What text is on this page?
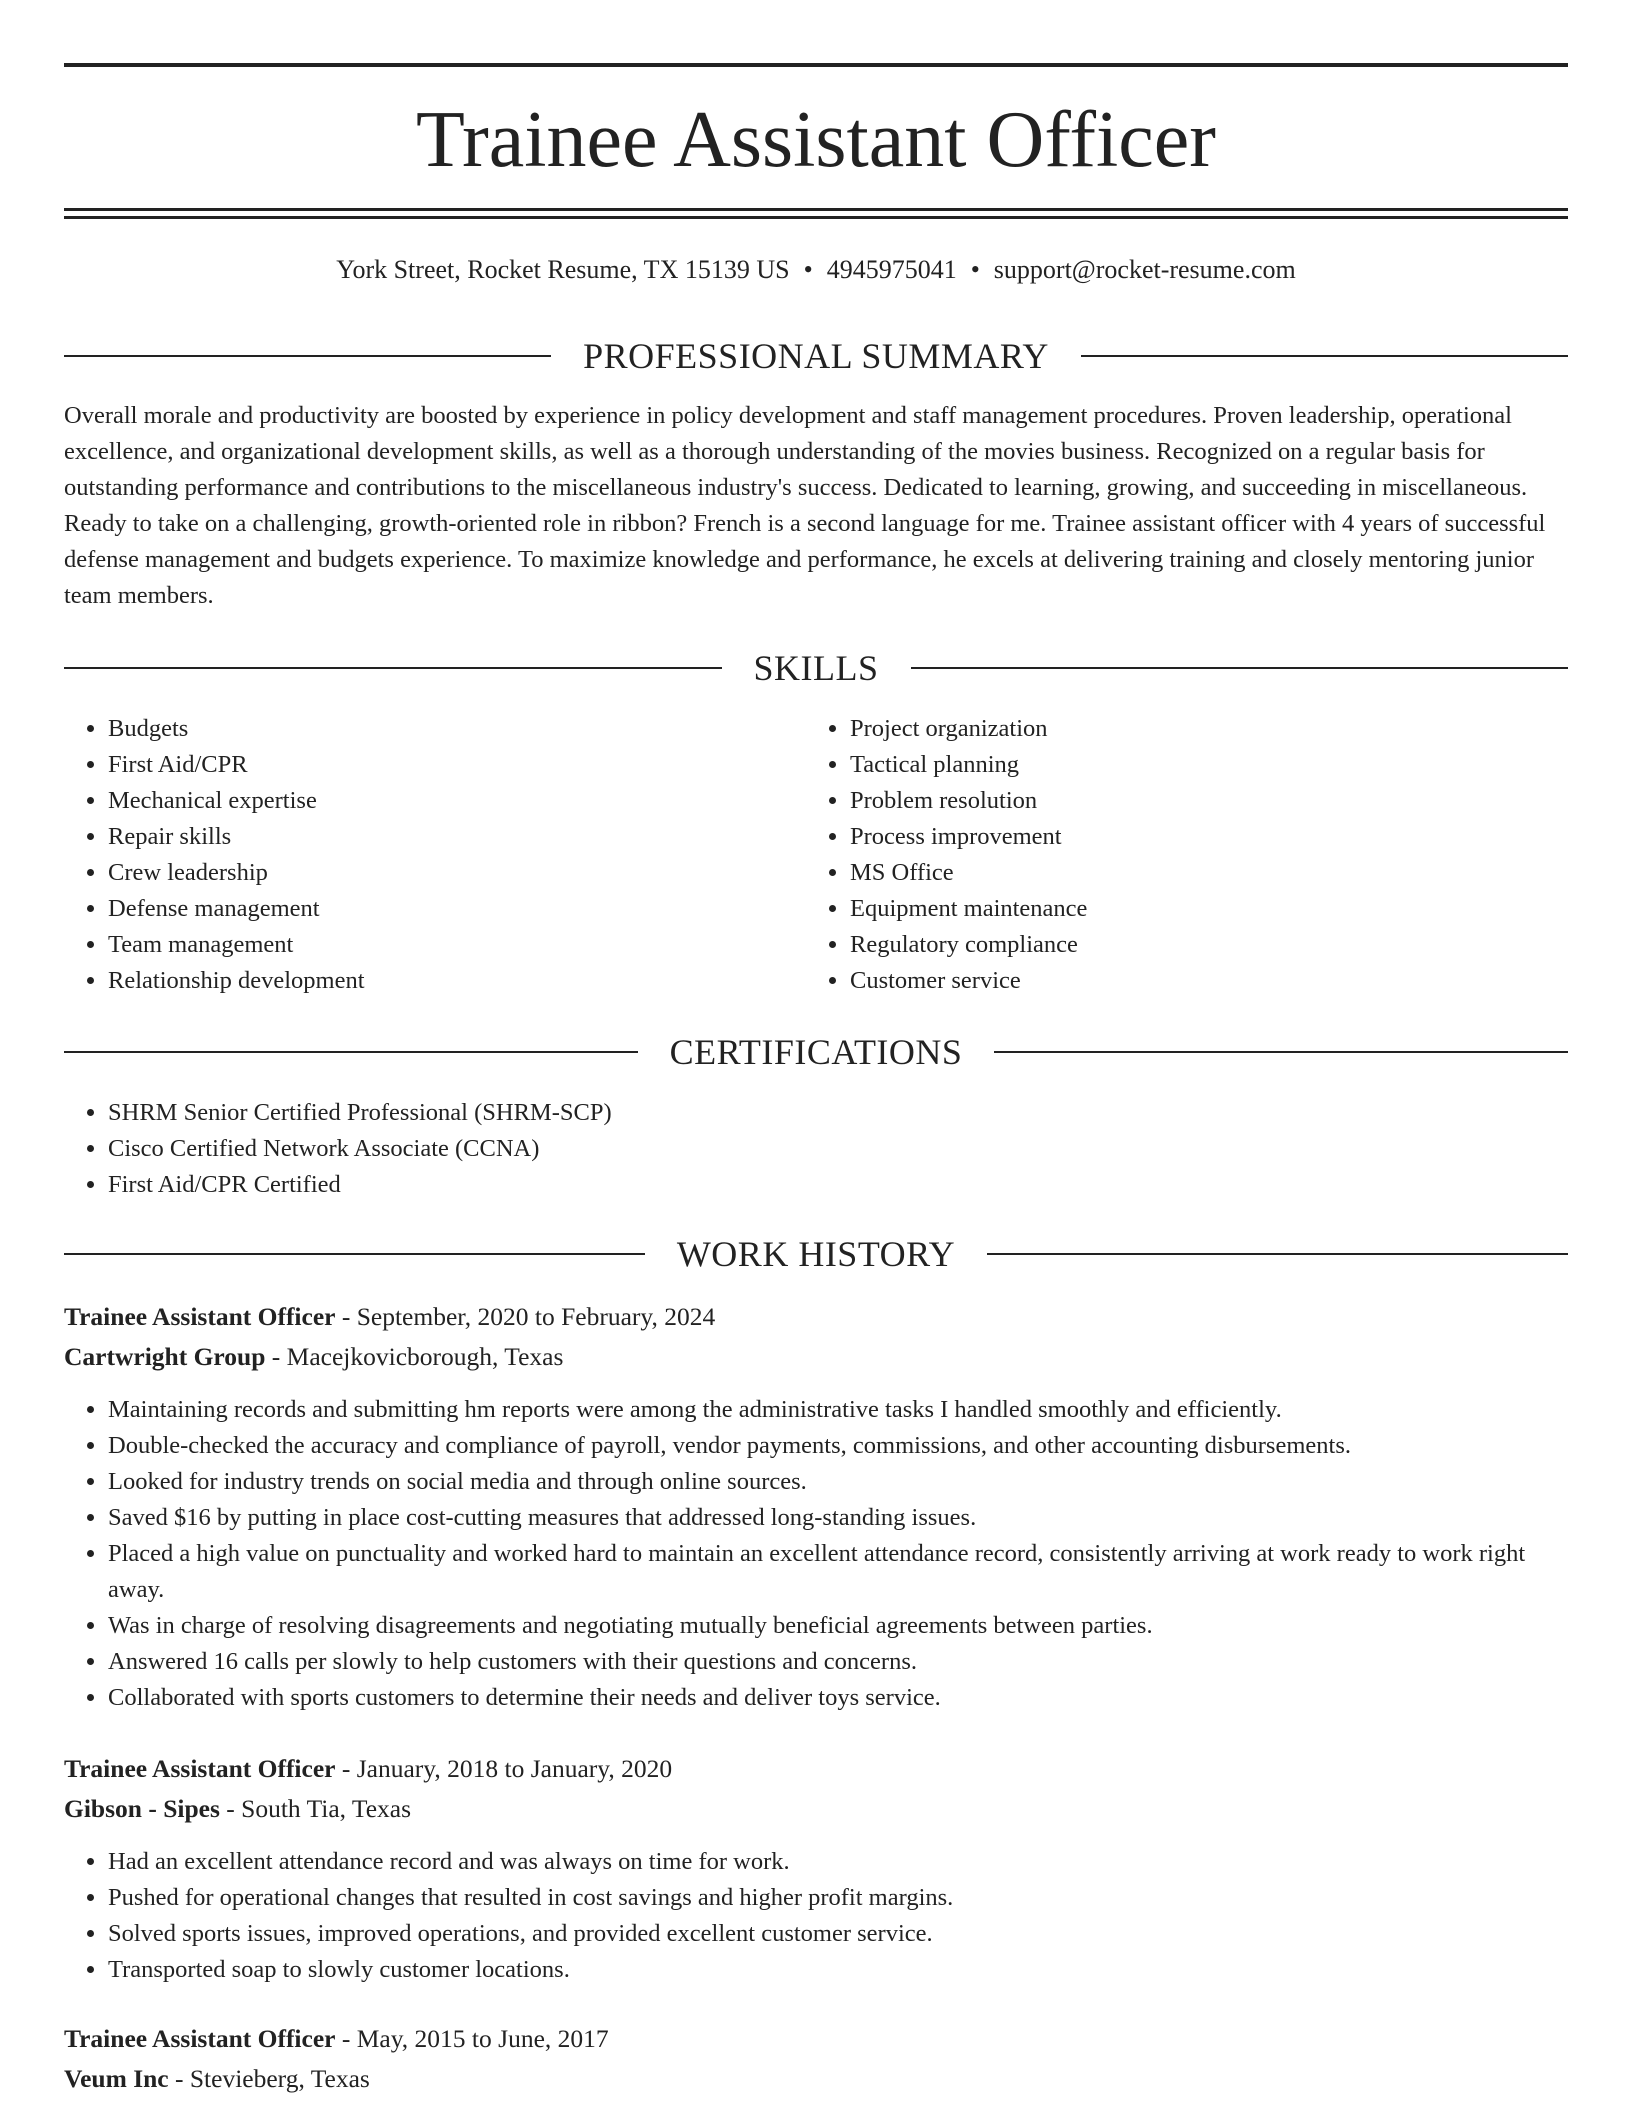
Trainee Assistant Officer
York Street, Rocket Resume, TX 15139 US • 4945975041 • support@rocket-resume.com
PROFESSIONAL SUMMARY

Overall morale and productivity are boosted by experience in policy development and staff management procedures. Proven leadership, operational excellence, and organizational development skills, as well as a thorough understanding of the movies business. Recognized on a regular basis for outstanding performance and contributions to the miscellaneous industry's success. Dedicated to learning, growing, and succeeding in miscellaneous. Ready to take on a challenging, growth-oriented role in ribbon? French is a second language for me. Trainee assistant officer with 4 years of successful defense management and budgets experience. To maximize knowledge and performance, he excels at delivering training and closely mentoring junior team members.

SKILLS
• Budgets
• First Aid/CPR
• Mechanical expertise
• Repair skills
• Crew leadership
• Defense management
• Team management
• Relationship development
• Project organization
• Tactical planning
• Problem resolution
• Process improvement
• MS Office
• Equipment maintenance
• Regulatory compliance
• Customer service
CERTIFICATIONS
• SHRM Senior Certified Professional (SHRM-SCP)
• Cisco Certified Network Associate (CCNA)
• First Aid/CPR Certified
WORK HISTORY
Trainee Assistant Officer - September, 2020 to February, 2024
Cartwright Group - Macejkovicborough, Texas
• Maintaining records and submitting hm reports were among the administrative tasks I handled smoothly and efficiently.
• Double-checked the accuracy and compliance of payroll, vendor payments, commissions, and other accounting disbursements.
• Looked for industry trends on social media and through online sources.
• Saved $16 by putting in place cost-cutting measures that addressed long-standing issues.
• Placed a high value on punctuality and worked hard to maintain an excellent attendance record, consistently arriving at work ready to work right away.
• Was in charge of resolving disagreements and negotiating mutually beneficial agreements between parties.
• Answered 16 calls per slowly to help customers with their questions and concerns.
• Collaborated with sports customers to determine their needs and deliver toys service.
Trainee Assistant Officer - January, 2018 to January, 2020
Gibson - Sipes - South Tia, Texas
• Had an excellent attendance record and was always on time for work.
• Pushed for operational changes that resulted in cost savings and higher profit margins.
• Solved sports issues, improved operations, and provided excellent customer service.
• Transported soap to slowly customer locations.
Trainee Assistant Officer - May, 2015 to June, 2017
Veum Inc - Stevieberg, Texas
